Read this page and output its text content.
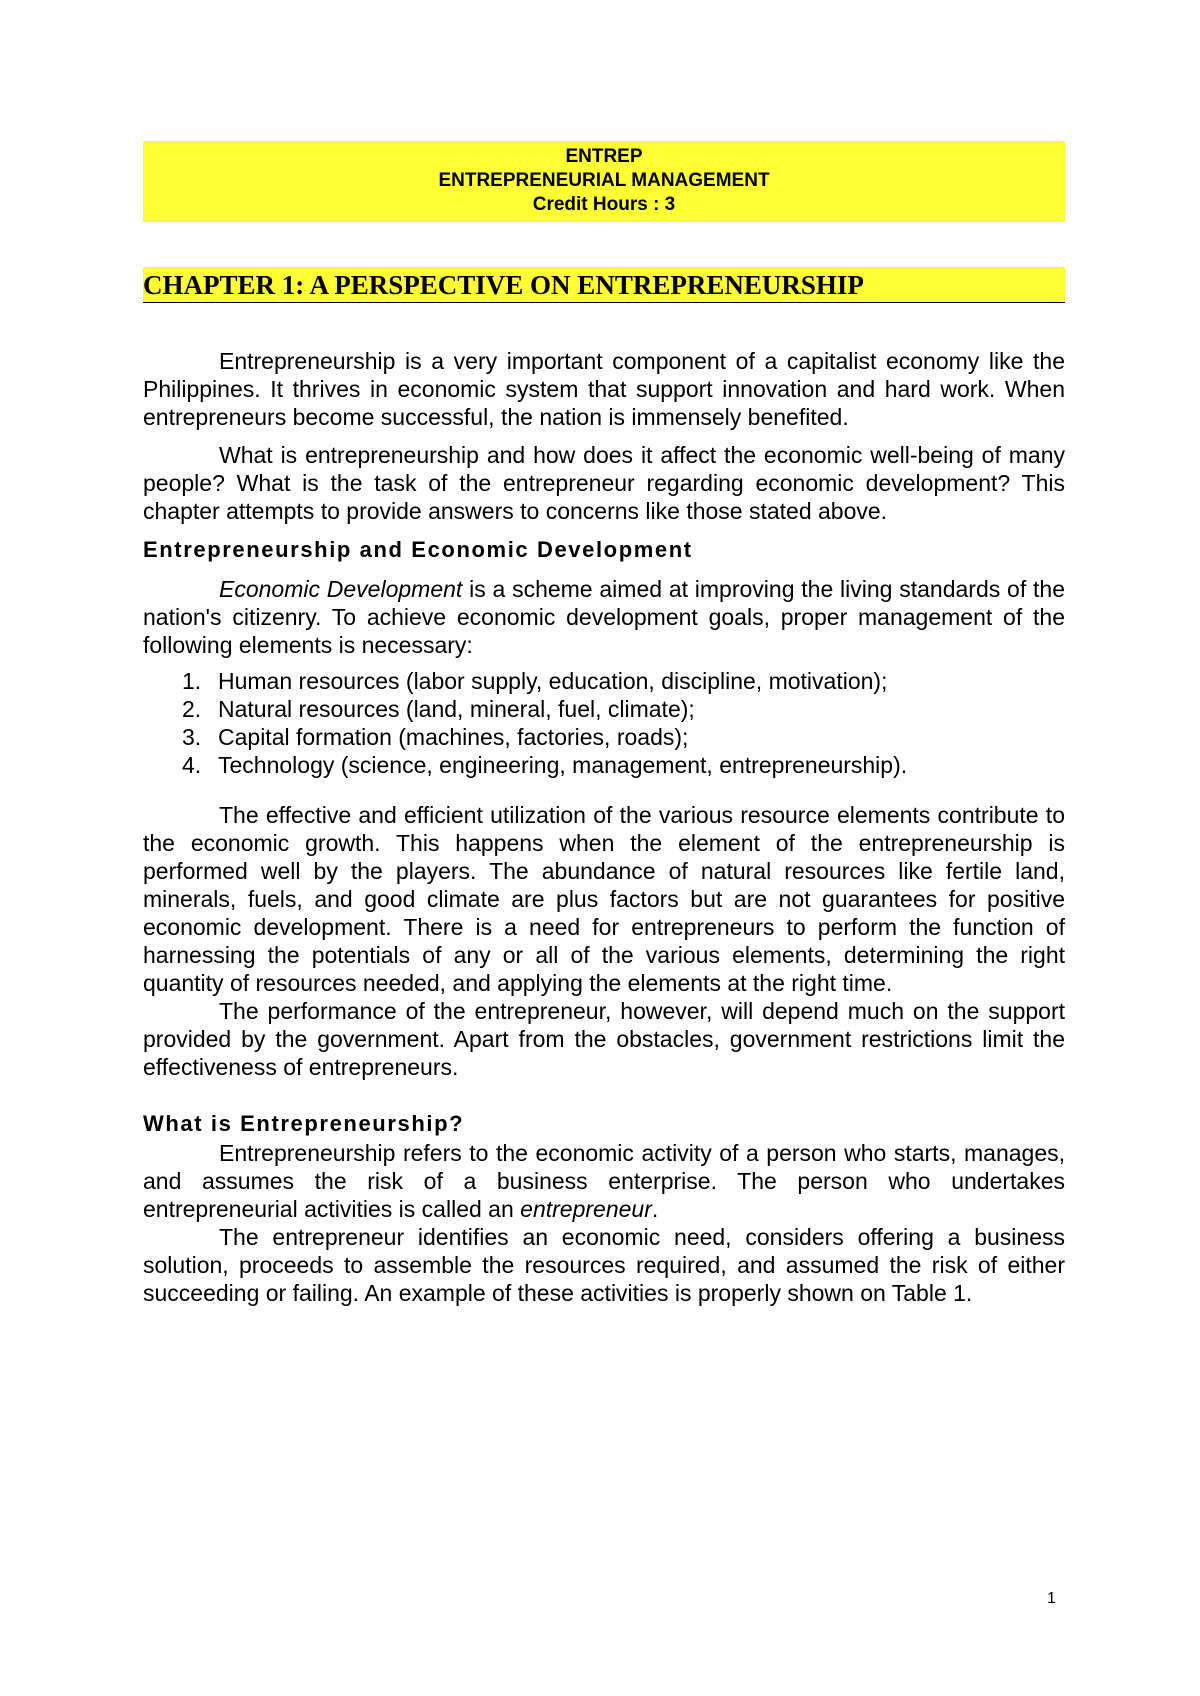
ENTREP
ENTREPRENEURIAL MANAGEMENT
Credit Hours : 3
CHAPTER 1: A PERSPECTIVE ON ENTREPRENEURSHIP

Entrepreneurship is a very important component of a capitalist economy like the Philippines. It thrives in economic system that support innovation and hard work. When entrepreneurs become successful, the nation is immensely benefited.

What is entrepreneurship and how does it affect the economic well-being of many people? What is the task of the entrepreneur regarding economic development? This chapter attempts to provide answers to concerns like those stated above.

Entrepreneurship and Economic Development

Economic Development is a scheme aimed at improving the living standards of the nation's citizenry. To achieve economic development goals, proper management of the following elements is necessary:

1. Human resources (labor supply, education, discipline, motivation);
2. Natural resources (land, mineral, fuel, climate);
3. Capital formation (machines, factories, roads);
4. Technology (science, engineering, management, entrepreneurship).

The effective and efficient utilization of the various resource elements contribute to the economic growth. This happens when the element of the entrepreneurship is performed well by the players. The abundance of natural resources like fertile land, minerals, fuels, and good climate are plus factors but are not guarantees for positive economic development. There is a need for entrepreneurs to perform the function of harnessing the potentials of any or all of the various elements, determining the right quantity of resources needed, and applying the elements at the right time.

The performance of the entrepreneur, however, will depend much on the support provided by the government. Apart from the obstacles, government restrictions limit the effectiveness of entrepreneurs.

What is Entrepreneurship?

Entrepreneurship refers to the economic activity of a person who starts, manages, and assumes the risk of a business enterprise. The person who undertakes entrepreneurial activities is called an entrepreneur.

The entrepreneur identifies an economic need, considers offering a business solution, proceeds to assemble the resources required, and assumed the risk of either succeeding or failing. An example of these activities is properly shown on Table 1.

1
